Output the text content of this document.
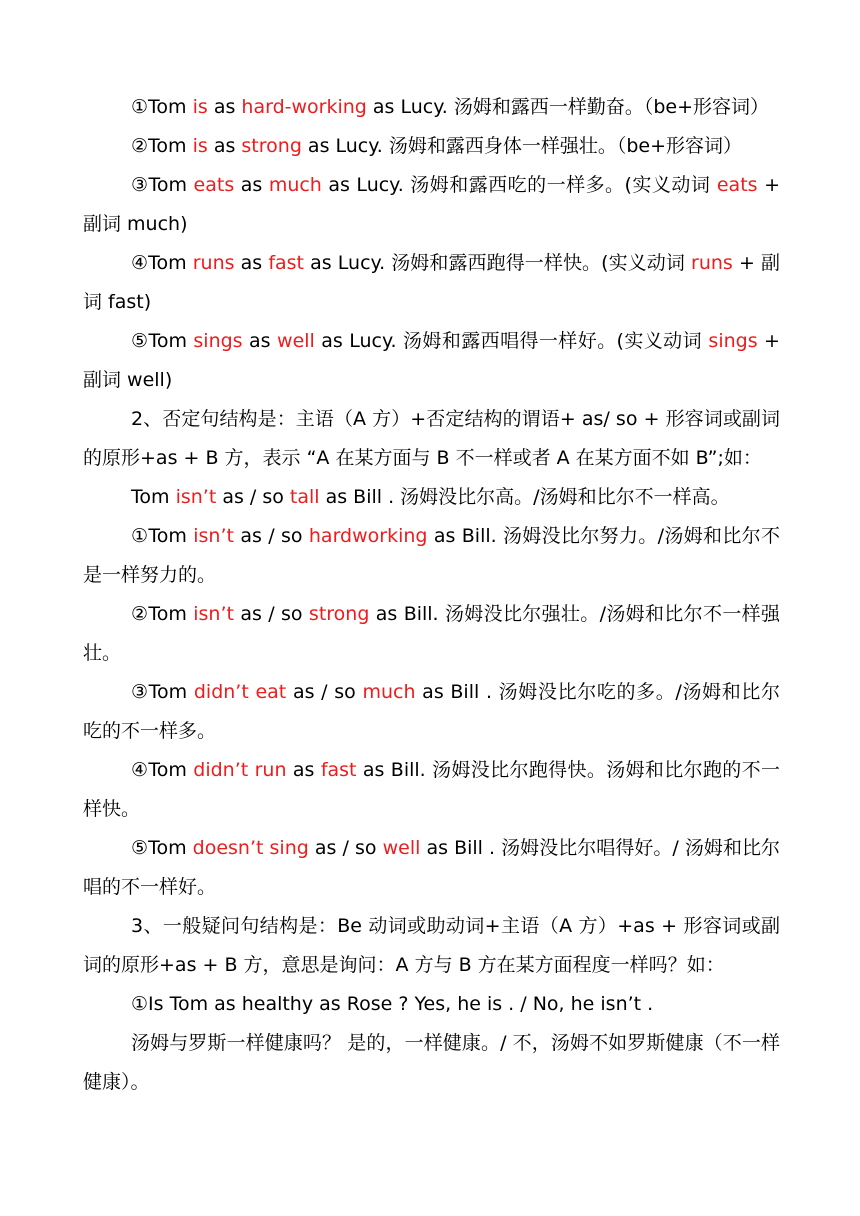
①Tom is as hard-working as Lucy. 汤姆和露西一样勤奋。（be+形容词）

②Tom is as strong as Lucy. 汤姆和露西身体一样强壮。（be+形容词）

③Tom eats as much as Lucy. 汤姆和露西吃的一样多。(实义动词 eats + 副词 much)

④Tom runs as fast as Lucy. 汤姆和露西跑得一样快。(实义动词 runs + 副词 fast)

⑤Tom sings as well as Lucy. 汤姆和露西唱得一样好。(实义动词 sings + 副词 well)

2、否定句结构是：主语（A 方）+否定结构的谓语+ as/ so + 形容词或副词的原形+as + B 方，表示 “A 在某方面与 B 不一样或者 A 在某方面不如 B”;如：

Tom isn’t as / so tall as Bill . 汤姆没比尔高。/汤姆和比尔不一样高。

①Tom isn’t as / so hardworking as Bill. 汤姆没比尔努力。/汤姆和比尔不是一样努力的。

②Tom isn’t as / so strong as Bill. 汤姆没比尔强壮。/汤姆和比尔不一样强壮。

③Tom didn’t eat as / so much as Bill . 汤姆没比尔吃的多。/汤姆和比尔吃的不一样多。

④Tom didn’t run as fast as Bill. 汤姆没比尔跑得快。汤姆和比尔跑的不一样快。

⑤Tom doesn’t sing as / so well as Bill . 汤姆没比尔唱得好。/ 汤姆和比尔唱的不一样好。

3、一般疑问句结构是：Be 动词或助动词+主语（A 方）+as + 形容词或副词的原形+as + B 方，意思是询问：A 方与 B 方在某方面程度一样吗？如：

①Is Tom as healthy as Rose ? Yes, he is . / No, he isn’t .

汤姆与罗斯一样健康吗？ 是的，一样健康。/ 不，汤姆不如罗斯健康（不一样健康）。
